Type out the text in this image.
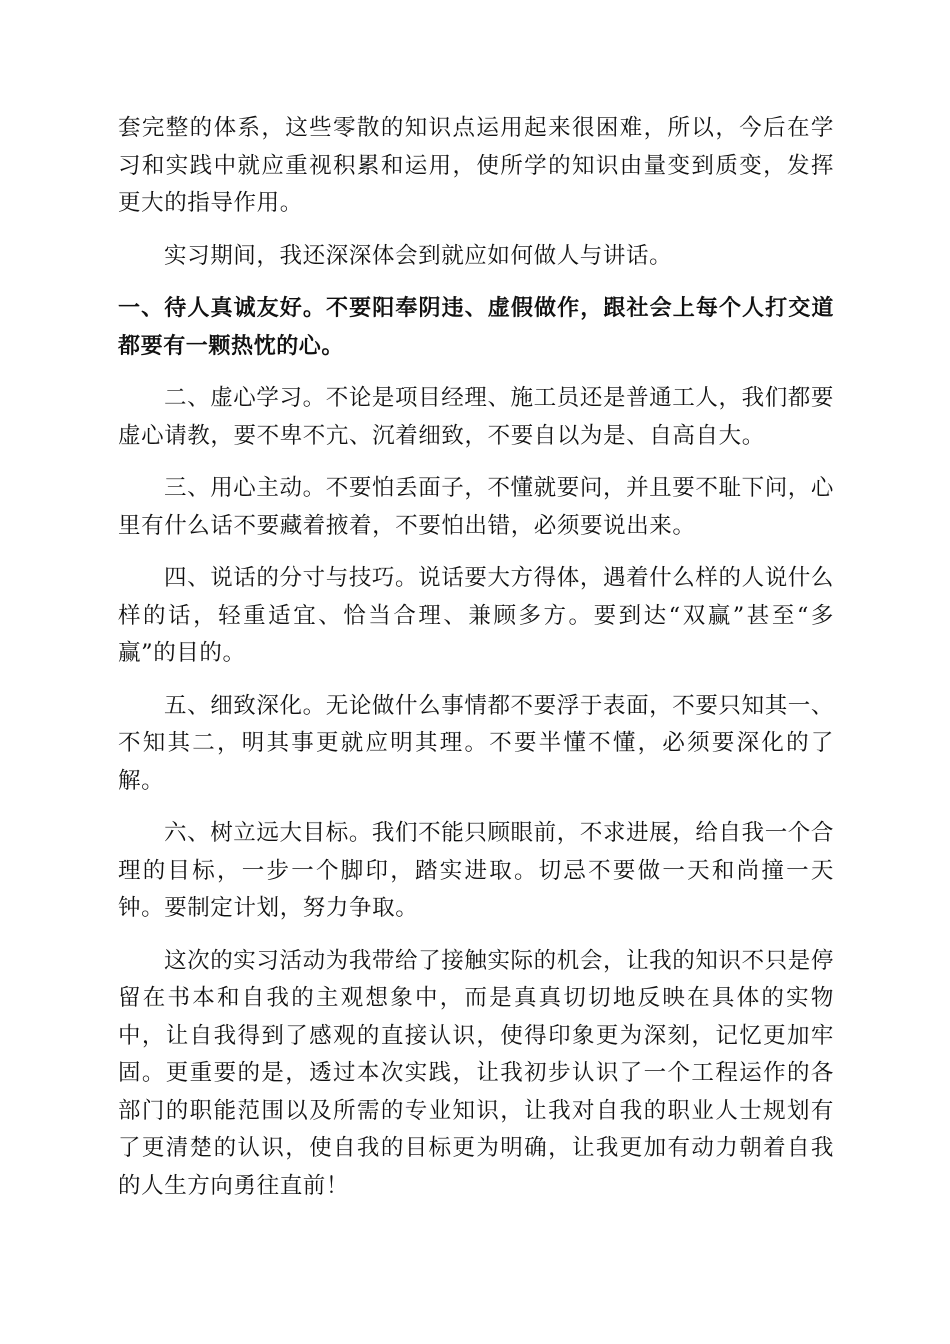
套完整的体系，这些零散的知识点运用起来很困难，所以，今后在学习和实践中就应重视积累和运用，使所学的知识由量变到质变，发挥更大的指导作用。

实习期间，我还深深体会到就应如何做人与讲话。

一、待人真诚友好。不要阳奉阴违、虚假做作，跟社会上每个人打交道都要有一颗热忱的心。

二、虚心学习。不论是项目经理、施工员还是普通工人，我们都要虚心请教，要不卑不亢、沉着细致，不要自以为是、自高自大。

三、用心主动。不要怕丢面子，不懂就要问，并且要不耻下问，心里有什么话不要藏着掖着，不要怕出错，必须要说出来。

四、说话的分寸与技巧。说话要大方得体，遇着什么样的人说什么样的话，轻重适宜、恰当合理、兼顾多方。要到达“双赢”甚至“多赢”的目的。

五、细致深化。无论做什么事情都不要浮于表面，不要只知其一、不知其二，明其事更就应明其理。不要半懂不懂，必须要深化的了解。

六、树立远大目标。我们不能只顾眼前，不求进展，给自我一个合理的目标，一步一个脚印，踏实进取。切忌不要做一天和尚撞一天钟。要制定计划，努力争取。

这次的实习活动为我带给了接触实际的机会，让我的知识不只是停留在书本和自我的主观想象中，而是真真切切地反映在具体的实物中，让自我得到了感观的直接认识，使得印象更为深刻，记忆更加牢固。更重要的是，透过本次实践，让我初步认识了一个工程运作的各部门的职能范围以及所需的专业知识，让我对自我的职业人士规划有了更清楚的认识，使自我的目标更为明确，让我更加有动力朝着自我的人生方向勇往直前！
